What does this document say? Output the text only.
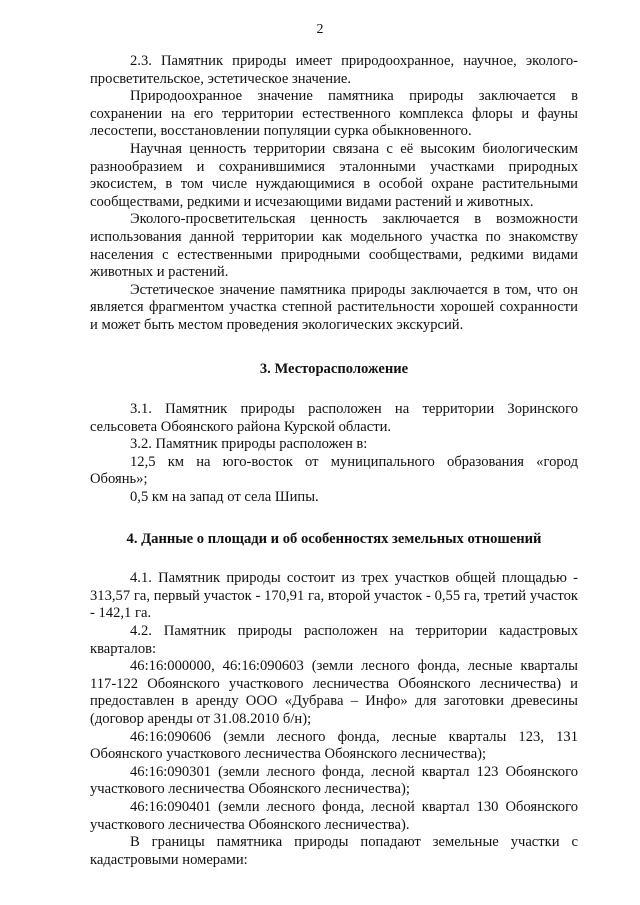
2

2.3. Памятник природы имеет природоохранное, научное, эколого-просветительское, эстетическое значение.

Природоохранное значение памятника природы заключается в сохранении на его территории естественного комплекса флоры и фауны лесостепи, восстановлении популяции сурка обыкновенного.

Научная ценность территории связана с её высоким биологическим разнообразием и сохранившимися эталонными участками природных экосистем, в том числе нуждающимися в особой охране растительными сообществами, редкими и исчезающими видами растений и животных.

Эколого-просветительская ценность заключается в возможности использования данной территории как модельного участка по знакомству населения с естественными природными сообществами, редкими видами животных и растений.

Эстетическое значение памятника природы заключается в том, что он является фрагментом участка степной растительности хорошей сохранности и может быть местом проведения экологических экскурсий.

3. Месторасположение

3.1. Памятник природы расположен на территории Зоринского сельсовета Обоянского района Курской области.

3.2. Памятник природы расположен в:

12,5 км на юго-восток от муниципального образования «город Обоянь»;

0,5 км на запад от села Шипы.

4. Данные о площади и об особенностях земельных отношений

4.1. Памятник природы состоит из трех участков общей площадью - 313,57 га, первый участок - 170,91 га, второй участок - 0,55 га, третий участок - 142,1 га.

4.2. Памятник природы расположен на территории кадастровых кварталов:

46:16:000000, 46:16:090603 (земли лесного фонда, лесные кварталы 117-122 Обоянского участкового лесничества Обоянского лесничества) и предоставлен в аренду ООО «Дубрава – Инфо» для заготовки древесины (договор аренды от 31.08.2010 б/н);

46:16:090606 (земли лесного фонда, лесные кварталы 123, 131 Обоянского участкового лесничества Обоянского лесничества);

46:16:090301 (земли лесного фонда, лесной квартал 123 Обоянского участкового лесничества Обоянского лесничества);

46:16:090401 (земли лесного фонда, лесной квартал 130 Обоянского участкового лесничества Обоянского лесничества).

В границы памятника природы попадают земельные участки с кадастровыми номерами:
